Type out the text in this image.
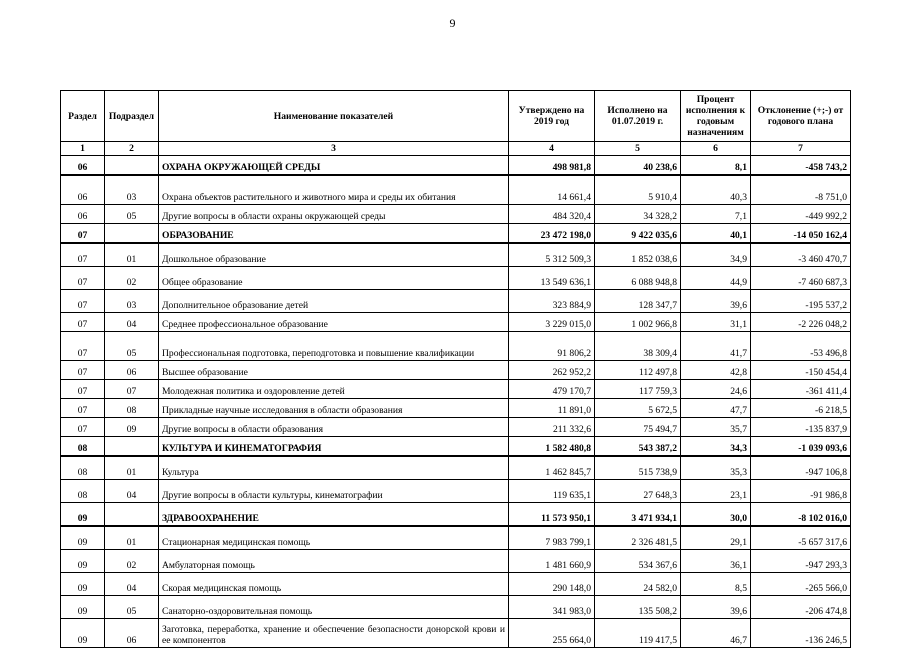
9
Раздел	Подраздел	Наименование показателей	Утверждено на 2019 год	Исполнено на 01.07.2019 г.	Процент исполнения к годовым назначениям	Отклонение (+;-) от годового плана
1	2	3	4	5	6	7
06		ОХРАНА ОКРУЖАЮЩЕЙ СРЕДЫ	498 981,8	40 238,6	8,1	-458 743,2
06	03	Охрана объектов растительного и животного мира и среды их обитания	14 661,4	5 910,4	40,3	-8 751,0
06	05	Другие вопросы в области охраны окружающей среды	484 320,4	34 328,2	7,1	-449 992,2
07		ОБРАЗОВАНИЕ	23 472 198,0	9 422 035,6	40,1	-14 050 162,4
07	01	Дошкольное образование	5 312 509,3	1 852 038,6	34,9	-3 460 470,7
07	02	Общее образование	13 549 636,1	6 088 948,8	44,9	-7 460 687,3
07	03	Дополнительное образование детей	323 884,9	128 347,7	39,6	-195 537,2
07	04	Среднее профессиональное образование	3 229 015,0	1 002 966,8	31,1	-2 226 048,2
07	05	Профессиональная подготовка, переподготовка и повышение квалификации	91 806,2	38 309,4	41,7	-53 496,8
07	06	Высшее образование	262 952,2	112 497,8	42,8	-150 454,4
07	07	Молодежная политика и оздоровление детей	479 170,7	117 759,3	24,6	-361 411,4
07	08	Прикладные научные исследования в области образования	11 891,0	5 672,5	47,7	-6 218,5
07	09	Другие вопросы в области образования	211 332,6	75 494,7	35,7	-135 837,9
08		КУЛЬТУРА И КИНЕМАТОГРАФИЯ	1 582 480,8	543 387,2	34,3	-1 039 093,6
08	01	Культура	1 462 845,7	515 738,9	35,3	-947 106,8
08	04	Другие вопросы в области культуры, кинематографии	119 635,1	27 648,3	23,1	-91 986,8
09		ЗДРАВООХРАНЕНИЕ	11 573 950,1	3 471 934,1	30,0	-8 102 016,0
09	01	Стационарная медицинская помощь	7 983 799,1	2 326 481,5	29,1	-5 657 317,6
09	02	Амбулаторная помощь	1 481 660,9	534 367,6	36,1	-947 293,3
09	04	Скорая медицинская помощь	290 148,0	24 582,0	8,5	-265 566,0
09	05	Санаторно-оздоровительная помощь	341 983,0	135 508,2	39,6	-206 474,8
09	06	Заготовка, переработка, хранение и обеспечение безопасности донорской крови и ее компонентов	255 664,0	119 417,5	46,7	-136 246,5
